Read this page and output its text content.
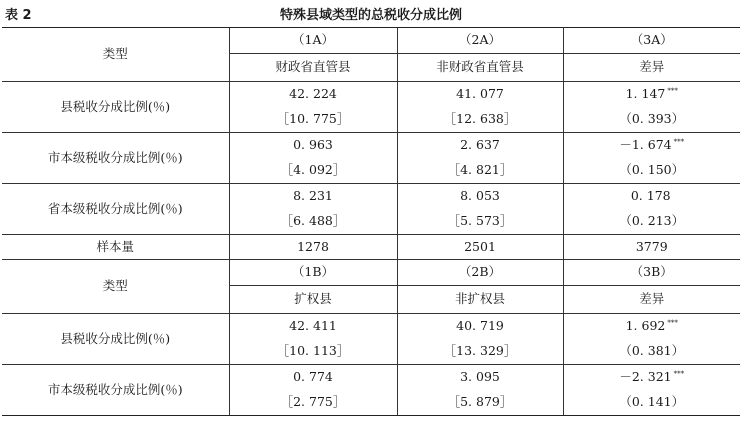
表 2	特殊县域类型的总税收分成比例
类型	（1A）	（2A）	（3A）
	财政省直管县	非财政省直管县	差异
县税收分成比例(％)	42. 224	41. 077	1. 147 ***
	［10. 775］	［12. 638］	（0. 393）
市本级税收分成比例(％)	0. 963	2. 637	－1. 674 ***
	［4. 092］	［4. 821］	（0. 150）
省本级税收分成比例(％)	8. 231	8. 053	0. 178
	［6. 488］	［5. 573］	（0. 213）
样本量	1278	2501	3779
类型	（1B）	（2B）	（3B）
	扩权县	非扩权县	差异
县税收分成比例(％)	42. 411	40. 719	1. 692 ***
	［10. 113］	［13. 329］	（0. 381）
市本级税收分成比例(％)	0. 774	3. 095	－2. 321 ***
	［2. 775］	［5. 879］	（0. 141）
